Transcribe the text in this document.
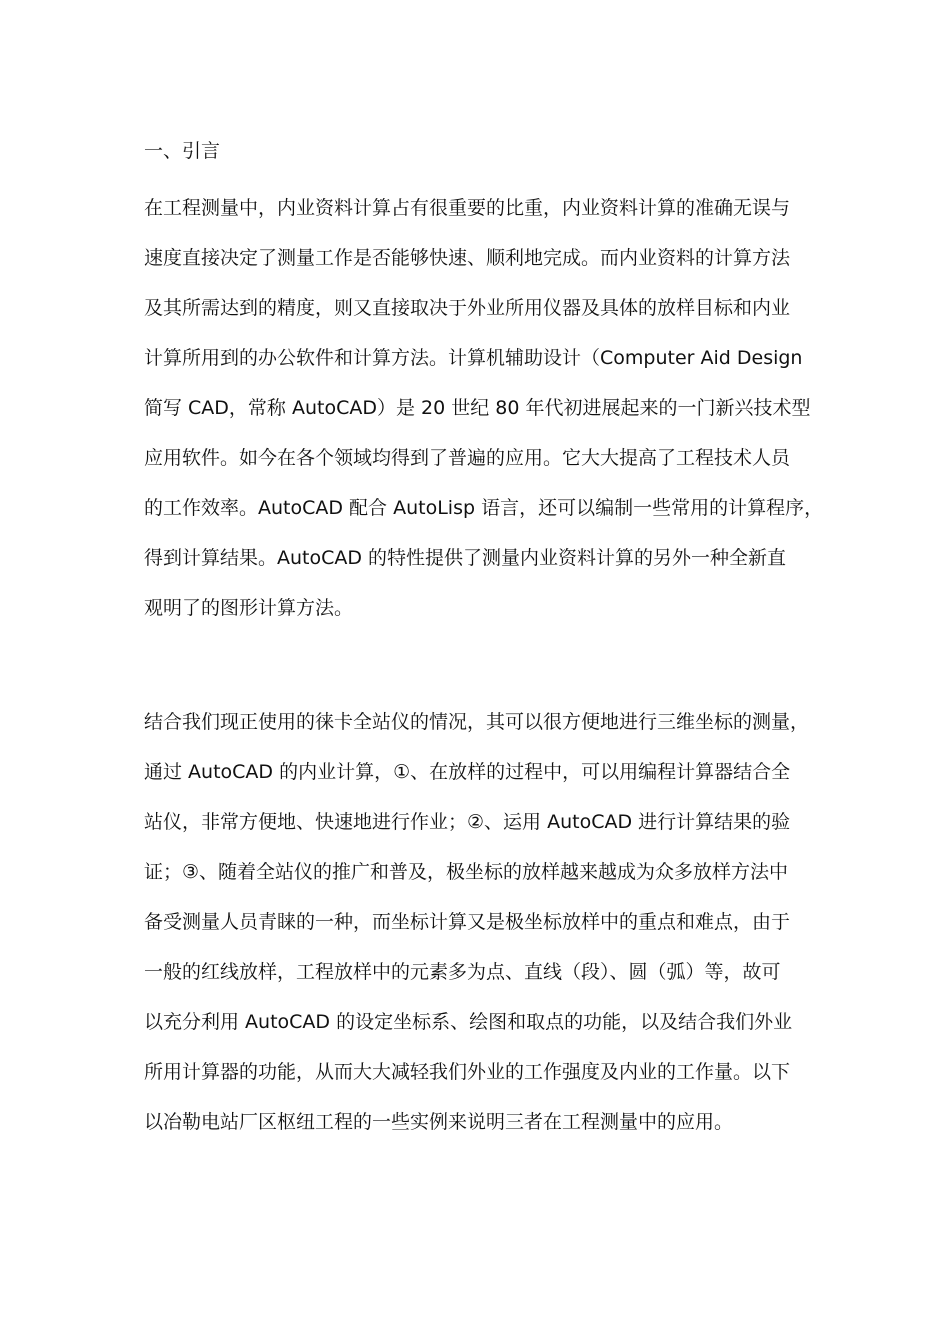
一、引言
在工程测量中，内业资料计算占有很重要的比重，内业资料计算的准确无误与
速度直接决定了测量工作是否能够快速、顺利地完成。而内业资料的计算方法
及其所需达到的精度，则又直接取决于外业所用仪器及具体的放样目标和内业
计算所用到的办公软件和计算方法。计算机辅助设计（Computer Aid Design
简写 CAD，常称 AutoCAD）是 20 世纪 80 年代初进展起来的一门新兴技术型
应用软件。如今在各个领域均得到了普遍的应用。它大大提高了工程技术人员
的工作效率。AutoCAD 配合 AutoLisp 语言，还可以编制一些常用的计算程序，
得到计算结果。AutoCAD 的特性提供了测量内业资料计算的另外一种全新直
观明了的图形计算方法。
结合我们现正使用的徕卡全站仪的情况，其可以很方便地进行三维坐标的测量，
通过 AutoCAD 的内业计算，①、在放样的过程中，可以用编程计算器结合全
站仪，非常方便地、快速地进行作业；②、运用 AutoCAD 进行计算结果的验
证；③、随着全站仪的推广和普及，极坐标的放样越来越成为众多放样方法中
备受测量人员青睐的一种，而坐标计算又是极坐标放样中的重点和难点，由于
一般的红线放样，工程放样中的元素多为点、直线（段）、圆（弧）等，故可
以充分利用 AutoCAD 的设定坐标系、绘图和取点的功能，以及结合我们外业
所用计算器的功能，从而大大减轻我们外业的工作强度及内业的工作量。以下
以冶勒电站厂区枢纽工程的一些实例来说明三者在工程测量中的应用。
